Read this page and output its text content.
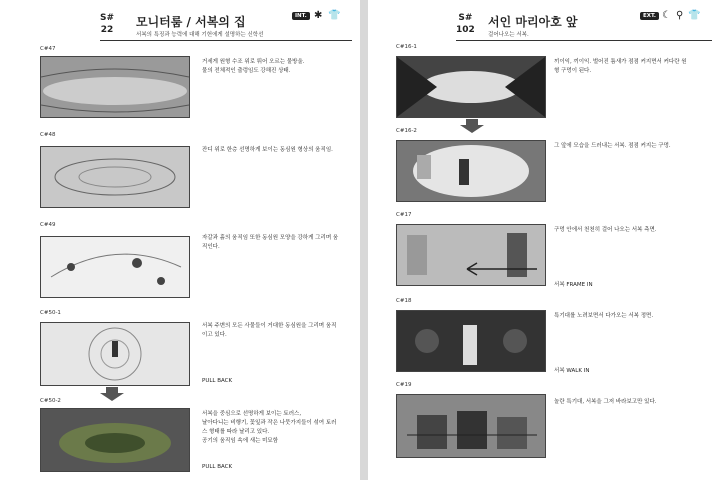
S#
22
모니터룸 / 서복의 집
서복의 특징과 능력에 대해 기헌에게 설명하는 신학선
INT. ✱ 👕
C#47
거세게 원형 수조 위로 튀어 오르는 물방울.
물의 전체적인 출렁임도 강해진 상태.
C#48
잔디 위로 한층 선명하게 보이는 동심원 형상의 움직임.
C#49
자갈과 흙의 움직임 또한 동심원 모양을 강하게 그리며 움
직인다.
C#50-1
서복 주변의 모든 사물들이 거대한 동심원을 그리며 움직
이고 있다.
PULL BACK
C#50-2
서복을 중심으로 선명하게 보이는 토러스,
날아다니는 비행기, 꽃잎과 작은 나뭇가지들이 섞여 토러
스 형태를 따라 날리고 있다.
공기의 움직임 속에 새는 미묘함
PULL BACK
S#
102
서인 마리아호 앞
걸어나오는 서복.
EXT. ☾ ⚲ 👕
C#16-1
끼이익, 끼이익. 벌어진 틈새가 점점 커지면서 커다란 원
형 구멍이 된다.
C#16-2
그 앞에 모습을 드러내는 서복. 점점 커지는 구멍.
C#17
구멍 안에서 천천히 걸어 나오는 서복 측면.
서복 FRAME IN
C#18
특기대를 노려보면서 다가오는 서복 정면.
서복 WALK IN
C#19
놀란 특기대, 서복을 그저 바라보고만 있다.
